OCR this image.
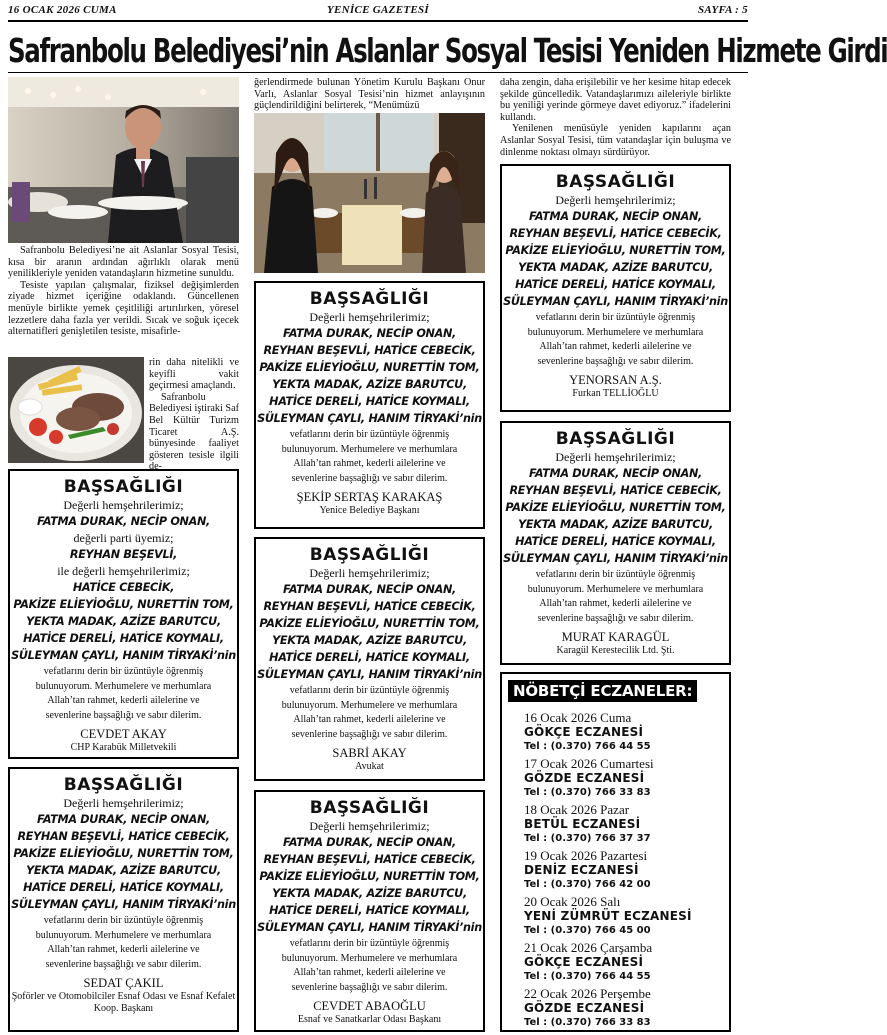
16 OCAK 2026 CUMA	YENİCE GAZETESİ	SAYFA : 5
Safranbolu Belediyesi’nin Aslanlar Sosyal Tesisi Yeniden Hizmete Girdi

Safranbolu Belediyesi’ne ait Aslanlar Sosyal Tesisi, kısa bir aranın ardından ağırlıklı olarak menü yenilikleriyle yeniden vatandaşların hizmetine sunuldu.

Tesiste yapılan çalışmalar, fiziksel değişimlerden ziyade hizmet içeriğine odaklandı. Güncellenen menüyle birlikte yemek çeşitliliği artırılırken, yöresel lezzetlere daha fazla yer verildi. Sıcak ve soğuk içecek alternatifleri genişletilen tesiste, misafirle-

rin daha nitelikli ve keyifli vakit geçirmesi amaçlandı.

Safranbolu Belediyesi iştiraki Saf Bel Kültür Turizm Ticaret A.Ş. bünyesinde faaliyet gösteren tesisle ilgili de-

ğerlendirmede bulunan Yönetim Kurulu Başkanı Onur Varlı, Aslanlar Sosyal Tesisi’nin hizmet anlayışının güçlendirildiğini belirterek, “Menümüzü

daha zengin, daha erişilebilir ve her kesime hitap edecek şekilde güncelledik. Vatandaşlarımızı aileleriyle birlikte bu yeniliği yerinde görmeye davet ediyoruz.” ifadelerini kullandı.

Yenilenen menüsüyle yeniden kapılarını açan Aslanlar Sosyal Tesisi, tüm vatandaşlar için buluşma ve dinlenme noktası olmayı sürdürüyor.

BAŞSAĞLIĞI
Değerli hemşehrilerimiz;
FATMA DURAK, NECİP ONAN,
değerli parti üyemiz;
REYHAN BEŞEVLİ,
ile değerli hemşehrilerimiz;
HATİCE CEBECİK,
PAKİZE ELİEYİOĞLU, NURETTİN TOM,
YEKTA MADAK, AZİZE BARUTCU,
HATİCE DERELİ, HATİCE KOYMALI,
SÜLEYMAN ÇAYLI, HANIM TİRYAKİ’nin
vefatlarını derin bir üzüntüyle öğrenmiş
bulunuyorum. Merhumelere ve merhumlara
Allah’tan rahmet, kederli ailelerine ve
sevenlerine başsağlığı ve sabır dilerim.
CEVDET AKAY
CHP Karabük Milletvekili
BAŞSAĞLIĞI
Değerli hemşehrilerimiz;
FATMA DURAK, NECİP ONAN,
REYHAN BEŞEVLİ, HATİCE CEBECİK,
PAKİZE ELİEYİOĞLU, NURETTİN TOM,
YEKTA MADAK, AZİZE BARUTCU,
HATİCE DERELİ, HATİCE KOYMALI,
SÜLEYMAN ÇAYLI, HANIM TİRYAKİ’nin
vefatlarını derin bir üzüntüyle öğrenmiş
bulunuyorum. Merhumelere ve merhumlara
Allah’tan rahmet, kederli ailelerine ve
sevenlerine başsağlığı ve sabır dilerim.
SEDAT ÇAKIL
Şoförler ve Otomobilciler Esnaf Odası ve Esnaf Kefalet Koop. Başkanı
BAŞSAĞLIĞI
Değerli hemşehrilerimiz;
FATMA DURAK, NECİP ONAN,
REYHAN BEŞEVLİ, HATİCE CEBECİK,
PAKİZE ELİEYİOĞLU, NURETTİN TOM,
YEKTA MADAK, AZİZE BARUTCU,
HATİCE DERELİ, HATİCE KOYMALI,
SÜLEYMAN ÇAYLI, HANIM TİRYAKİ’nin
vefatlarını derin bir üzüntüyle öğrenmiş
bulunuyorum. Merhumelere ve merhumlara
Allah’tan rahmet, kederli ailelerine ve
sevenlerine başsağlığı ve sabır dilerim.
ŞEKİP SERTAŞ KARAKAŞ
Yenice Belediye Başkanı
BAŞSAĞLIĞI
Değerli hemşehrilerimiz;
FATMA DURAK, NECİP ONAN,
REYHAN BEŞEVLİ, HATİCE CEBECİK,
PAKİZE ELİEYİOĞLU, NURETTİN TOM,
YEKTA MADAK, AZİZE BARUTCU,
HATİCE DERELİ, HATİCE KOYMALI,
SÜLEYMAN ÇAYLI, HANIM TİRYAKİ’nin
vefatlarını derin bir üzüntüyle öğrenmiş
bulunuyorum. Merhumelere ve merhumlara
Allah’tan rahmet, kederli ailelerine ve
sevenlerine başsağlığı ve sabır dilerim.
SABRİ AKAY
Avukat
BAŞSAĞLIĞI
Değerli hemşehrilerimiz;
FATMA DURAK, NECİP ONAN,
REYHAN BEŞEVLİ, HATİCE CEBECİK,
PAKİZE ELİEYİOĞLU, NURETTİN TOM,
YEKTA MADAK, AZİZE BARUTCU,
HATİCE DERELİ, HATİCE KOYMALI,
SÜLEYMAN ÇAYLI, HANIM TİRYAKİ’nin
vefatlarını derin bir üzüntüyle öğrenmiş
bulunuyorum. Merhumelere ve merhumlara
Allah’tan rahmet, kederli ailelerine ve
sevenlerine başsağlığı ve sabır dilerim.
CEVDET ABAOĞLU
Esnaf ve Sanatkarlar Odası Başkanı
BAŞSAĞLIĞI
Değerli hemşehrilerimiz;
FATMA DURAK, NECİP ONAN,
REYHAN BEŞEVLİ, HATİCE CEBECİK,
PAKİZE ELİEYİOĞLU, NURETTİN TOM,
YEKTA MADAK, AZİZE BARUTCU,
HATİCE DERELİ, HATİCE KOYMALI,
SÜLEYMAN ÇAYLI, HANIM TİRYAKİ’nin
vefatlarını derin bir üzüntüyle öğrenmiş
bulunuyorum. Merhumelere ve merhumlara
Allah’tan rahmet, kederli ailelerine ve
sevenlerine başsağlığı ve sabır dilerim.
YENORSAN A.Ş.
Furkan TELLİOĞLU
BAŞSAĞLIĞI
Değerli hemşehrilerimiz;
FATMA DURAK, NECİP ONAN,
REYHAN BEŞEVLİ, HATİCE CEBECİK,
PAKİZE ELİEYİOĞLU, NURETTİN TOM,
YEKTA MADAK, AZİZE BARUTCU,
HATİCE DERELİ, HATİCE KOYMALI,
SÜLEYMAN ÇAYLI, HANIM TİRYAKİ’nin
vefatlarını derin bir üzüntüyle öğrenmiş
bulunuyorum. Merhumelere ve merhumlara
Allah’tan rahmet, kederli ailelerine ve
sevenlerine başsağlığı ve sabır dilerim.
MURAT KARAGÜL
Karagül Kerestecilik Ltd. Şti.
NÖBETÇİ ECZANELER:
16 Ocak 2026 Cuma
GÖKÇE ECZANESİ
Tel : (0.370) 766 44 55
17 Ocak 2026 Cumartesi
GÖZDE ECZANESİ
Tel : (0.370) 766 33 83
18 Ocak 2026 Pazar
BETÜL ECZANESİ
Tel : (0.370) 766 37 37
19 Ocak 2026 Pazartesi
DENİZ ECZANESİ
Tel : (0.370) 766 42 00
20 Ocak 2026 Salı
YENİ ZÜMRÜT ECZANESİ
Tel : (0.370) 766 45 00
21 Ocak 2026 Çarşamba
GÖKÇE ECZANESİ
Tel : (0.370) 766 44 55
22 Ocak 2026 Perşembe
GÖZDE ECZANESİ
Tel : (0.370) 766 33 83
